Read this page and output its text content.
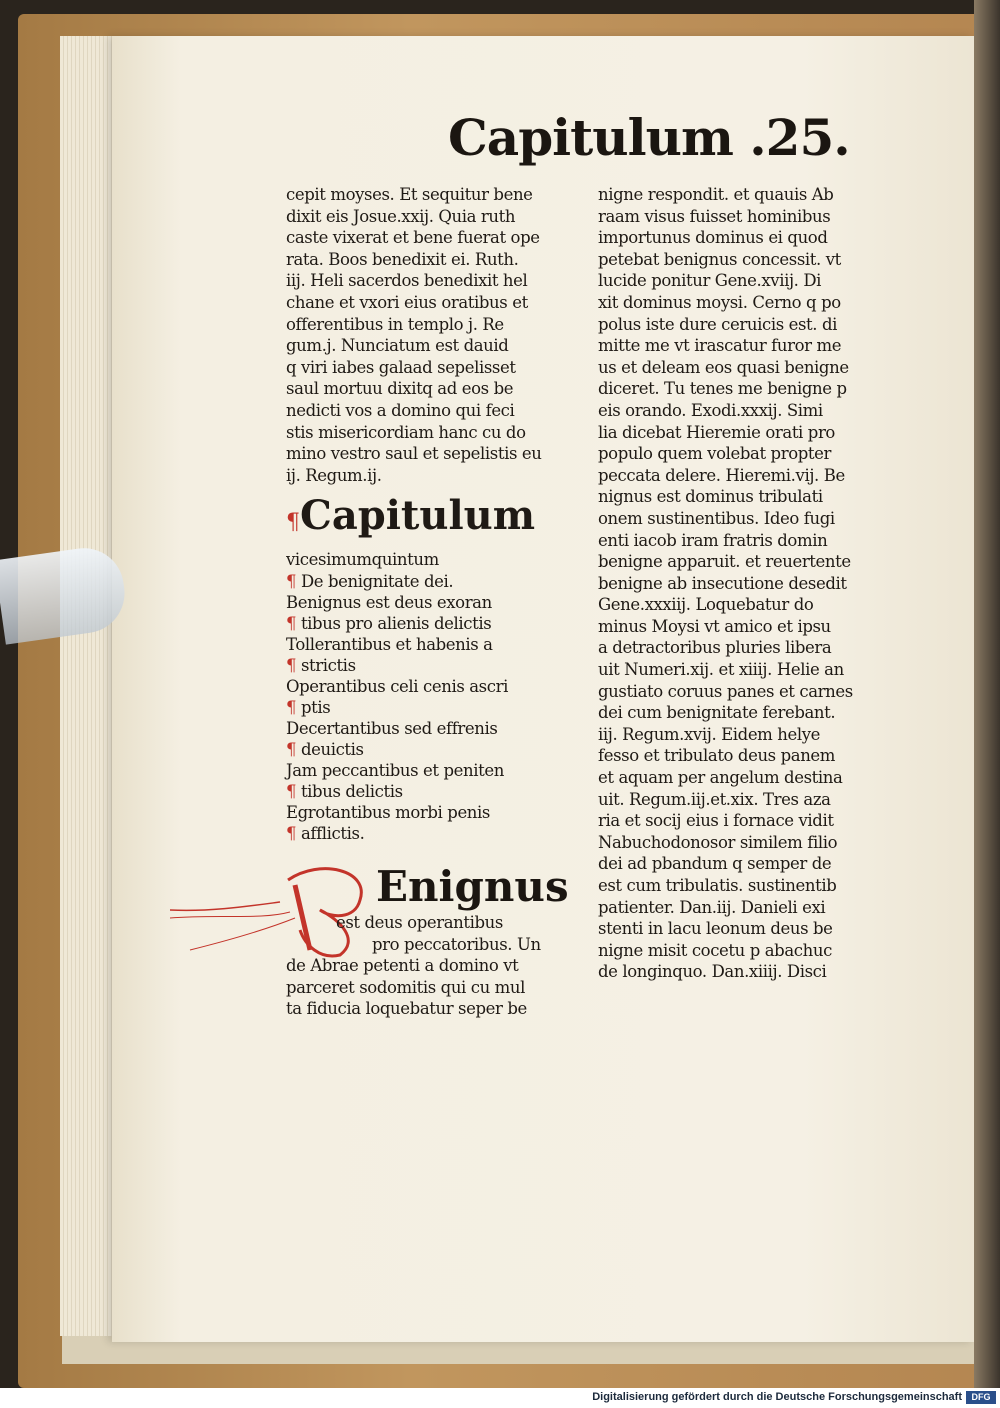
Capitulum .25.
cepit moyses. Et sequitur bene
dixit eis Josue.xxij. Quia ruth
caste vixerat et bene fuerat ope
rata. Boos benedixit ei. Ruth.
iij. Heli sacerdos benedixit hel
chane et vxori eius oratibus et
offerentibus in templo j. Re
gum.j. Nunciatum est dauid
q viri iabes galaad sepelisset
saul mortuu dixitq ad eos be
nedicti vos a domino qui feci
stis misericordiam hanc cu do
mino vestro saul et sepelistis eu
ij. Regum.ij.
¶Capitulum
vicesimumquintum
¶ De benignitate dei.
Benignus est deus exoran
¶ tibus pro alienis delictis
Tollerantibus et habenis a
¶ strictis
Operantibus celi cenis ascri
¶ ptis
Decertantibus sed effrenis
¶ deuictis
Jam peccantibus et peniten
¶ tibus delictis
Egrotantibus morbi penis
¶ afflictis.
Enignus
est deus operantibus
pro peccatoribus. Un
de Abrae petenti a domino vt
parceret sodomitis qui cu mul
ta fiducia loquebatur seper be
nigne respondit. et quauis Ab
raam visus fuisset hominibus
importunus dominus ei quod
petebat benignus concessit. vt
lucide ponitur Gene.xviij. Di
xit dominus moysi. Cerno q po
polus iste dure ceruicis est. di
mitte me vt irascatur furor me
us et deleam eos quasi benigne
diceret. Tu tenes me benigne p
eis orando. Exodi.xxxij. Simi
lia dicebat Hieremie orati pro
populo quem volebat propter
peccata delere. Hieremi.vij. Be
nignus est dominus tribulati
onem sustinentibus. Ideo fugi
enti iacob iram fratris domin
benigne apparuit. et reuertente
benigne ab insecutione desedit
Gene.xxxiij. Loquebatur do
minus Moysi vt amico et ipsu
a detractoribus pluries libera
uit Numeri.xij. et xiiij. Helie an
gustiato coruus panes et carnes
dei cum benignitate ferebant.
iij. Regum.xvij. Eidem helye
fesso et tribulato deus panem
et aquam per angelum destina
uit. Regum.iij.et.xix. Tres aza
ria et socij eius i fornace vidit
Nabuchodonosor similem filio
dei ad pbandum q semper de
est cum tribulatis. sustinentib
patienter. Dan.iij. Danieli exi
stenti in lacu leonum deus be
nigne misit cocetu p abachuc
de longinquo. Dan.xiiij. Disci
Digitalisierung gefördert durch die Deutsche Forschungsgemeinschaft	DFG
